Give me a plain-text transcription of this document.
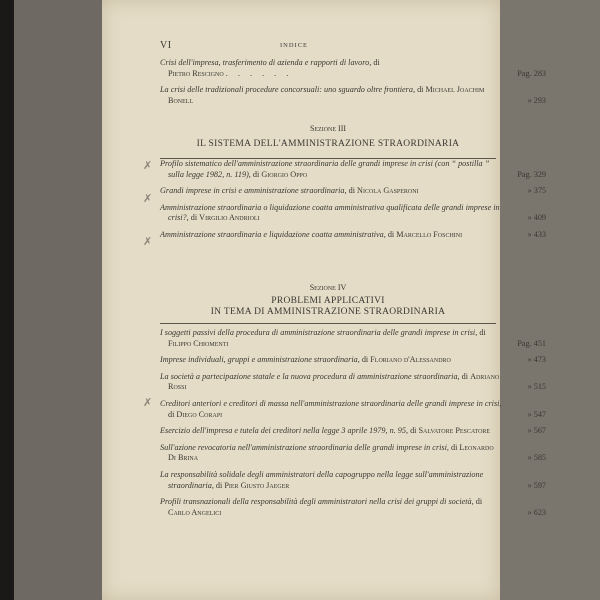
VI	INDICE
Crisi dell'impresa, trasferimento di azienda e rapporti di lavoro, di
Pietro Rescigno . . . . . .	Pag. 283
La crisi delle tradizionali procedure concorsuali: uno sguardo oltre frontiera, di Michael Joachim Bonell	» 293
Sezione III
IL SISTEMA DELL'AMMINISTRAZIONE STRAORDINARIA
✗
✗
✗
Profilo sistematico dell'amministrazione straordinaria delle grandi imprese in crisi (con “ postilla ” sulla legge 1982, n. 119), di Giorgio Oppo	Pag. 329
Grandi imprese in crisi e amministrazione straordinaria, di Nicola Gasperoni	» 375
Amministrazione straordinaria o liquidazione coatta amministrativa qualificata delle grandi imprese in crisi?, di Virgilio Andrioli	» 409
Amministrazione straordinaria e liquidazione coatta amministrativa, di Marcello Foschini	» 433
Sezione IV
PROBLEMI APPLICATIVI
IN TEMA DI AMMINISTRAZIONE STRAORDINARIA
✗
I soggetti passivi della procedura di amministrazione straordinaria delle grandi imprese in crisi, di Filippo Chiomenti	Pag. 451
Imprese individuali, gruppi e amministrazione straordinaria, di Floriano d'Alessandro	» 473
La società a partecipazione statale e la nuova procedura di amministrazione straordinaria, di Adriano Rossi	» 515
Creditori anteriori e creditori di massa nell'amministrazione straordinaria delle grandi imprese in crisi, di Diego Corapi	» 547
Esercizio dell'impresa e tutela dei creditori nella legge 3 aprile 1979, n. 95, di Salvatore Pescatore	» 567
Sull'azione revocatoria nell'amministrazione straordinaria delle grandi imprese in crisi, di Leonardo Di Brina	» 585
La responsabilità solidale degli amministratori della capogruppo nella legge sull'amministrazione straordinaria, di Pier Giusto Jaeger	» 597
Profili transnazionali della responsabilità degli amministratori nella crisi dei gruppi di società, di Carlo Angelici	» 623
